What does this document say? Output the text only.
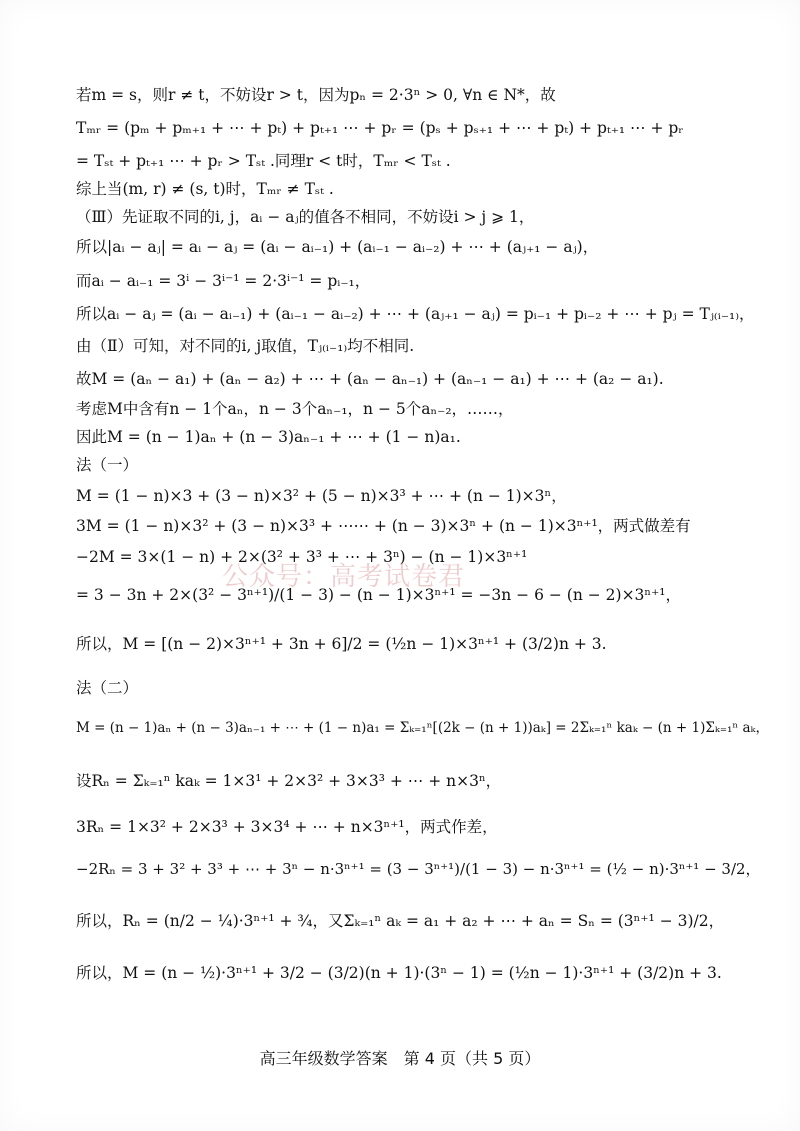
若m = s，则r ≠ t，不妨设r > t，因为pₙ = 2·3ⁿ > 0, ∀n ∈ N*，故
Tₘᵣ = (pₘ + pₘ₊₁ + ⋯ + pₜ) + pₜ₊₁ ⋯ + pᵣ = (pₛ + pₛ₊₁ + ⋯ + pₜ) + pₜ₊₁ ⋯ + pᵣ
= Tₛₜ + pₜ₊₁ ⋯ + pᵣ > Tₛₜ .同理r < t时，Tₘᵣ < Tₛₜ .
综上当(m, r) ≠ (s, t)时，Tₘᵣ ≠ Tₛₜ .
（Ⅲ）先证取不同的i, j，aᵢ − aⱼ的值各不相同，不妨设i > j ⩾ 1，
所以|aᵢ − aⱼ| = aᵢ − aⱼ = (aᵢ − aᵢ₋₁) + (aᵢ₋₁ − aᵢ₋₂) + ⋯ + (aⱼ₊₁ − aⱼ)，
而aᵢ − aᵢ₋₁ = 3ⁱ − 3ⁱ⁻¹ = 2·3ⁱ⁻¹ = pᵢ₋₁，
所以aᵢ − aⱼ = (aᵢ − aᵢ₋₁) + (aᵢ₋₁ − aᵢ₋₂) + ⋯ + (aⱼ₊₁ − aⱼ) = pᵢ₋₁ + pᵢ₋₂ + ⋯ + pⱼ = Tⱼ₍ᵢ₋₁₎，
由（Ⅱ）可知，对不同的i, j取值，Tⱼ₍ᵢ₋₁₎均不相同.
故M = (aₙ − a₁) + (aₙ − a₂) + ⋯ + (aₙ − aₙ₋₁) + (aₙ₋₁ − a₁) + ⋯ + (a₂ − a₁).
考虑M中含有n − 1个aₙ，n − 3个aₙ₋₁，n − 5个aₙ₋₂，……，
因此M = (n − 1)aₙ + (n − 3)aₙ₋₁ + ⋯ + (1 − n)a₁.
法（一）
M = (1 − n)×3 + (3 − n)×3² + (5 − n)×3³ + ⋯ + (n − 1)×3ⁿ，
3M = (1 − n)×3² + (3 − n)×3³ + ⋯⋯ + (n − 3)×3ⁿ + (n − 1)×3ⁿ⁺¹，两式做差有
−2M = 3×(1 − n) + 2×(3² + 3³ + ⋯ + 3ⁿ) − (n − 1)×3ⁿ⁺¹
= 3 − 3n + 2×(3² − 3ⁿ⁺¹)/(1 − 3) − (n − 1)×3ⁿ⁺¹ = −3n − 6 − (n − 2)×3ⁿ⁺¹，
所以，M = [(n − 2)×3ⁿ⁺¹ + 3n + 6]/2 = (½n − 1)×3ⁿ⁺¹ + (3/2)n + 3.
法（二）
M = (n − 1)aₙ + (n − 3)aₙ₋₁ + ⋯ + (1 − n)a₁ = Σₖ₌₁ⁿ[(2k − (n + 1))aₖ] = 2Σₖ₌₁ⁿ kaₖ − (n + 1)Σₖ₌₁ⁿ aₖ，
设Rₙ = Σₖ₌₁ⁿ kaₖ = 1×3¹ + 2×3² + 3×3³ + ⋯ + n×3ⁿ，
3Rₙ = 1×3² + 2×3³ + 3×3⁴ + ⋯ + n×3ⁿ⁺¹，两式作差，
−2Rₙ = 3 + 3² + 3³ + ⋯ + 3ⁿ − n·3ⁿ⁺¹ = (3 − 3ⁿ⁺¹)/(1 − 3) − n·3ⁿ⁺¹ = (½ − n)·3ⁿ⁺¹ − 3/2，
所以，Rₙ = (n/2 − ¼)·3ⁿ⁺¹ + ¾，又Σₖ₌₁ⁿ aₖ = a₁ + a₂ + ⋯ + aₙ = Sₙ = (3ⁿ⁺¹ − 3)/2，
所以，M = (n − ½)·3ⁿ⁺¹ + 3/2 − (3/2)(n + 1)·(3ⁿ − 1) = (½n − 1)·3ⁿ⁺¹ + (3/2)n + 3.
公众号：高考试卷君
高三年级数学答案　第 4 页（共 5 页）
